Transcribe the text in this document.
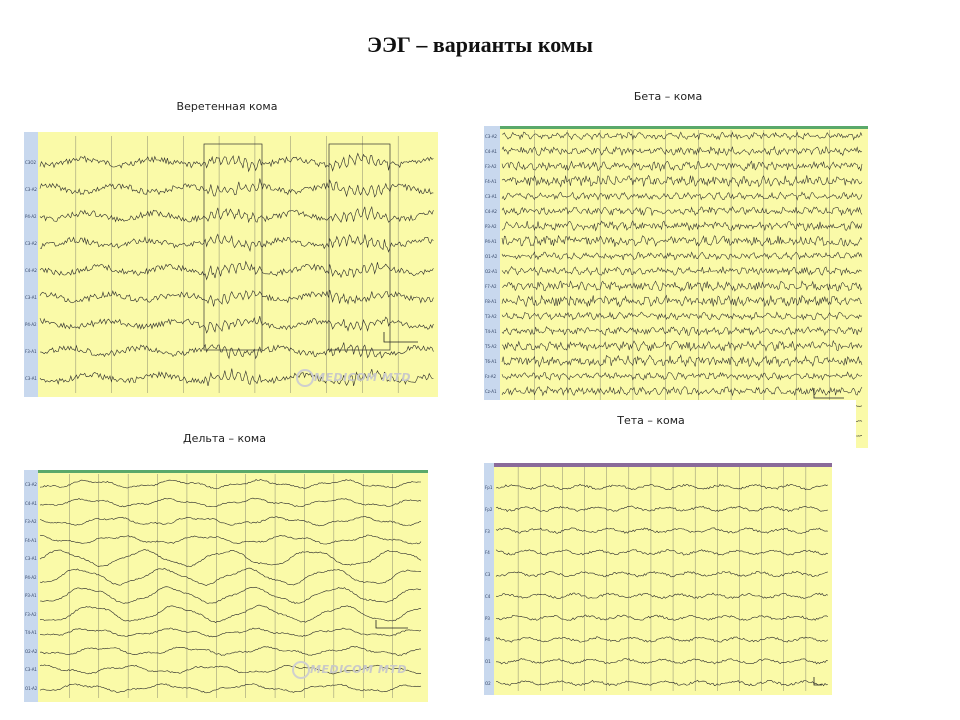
ЭЭГ – варианты комы
Веретенная кома
C3O2
C3-A2
P4-A2
C3-A2
C4-A2
C3-A1
P4-A2
F3-A1
C3-A1	MEDICOM MTD
Бета – кома
C3-A2
C4-A1
F3-A2
F4-A1
C3-A1
C4-A2
P3-A2
P4-A1
O1-A2
O2-A1
F7-A2
F8-A1
T3-A2
T4-A1
T5-A2
T6-A1
Fz-A2
Cz-A1
Дельта – кома
C3-A2
C4-A1
F3-A2
F4-A1
C3-A1
P4-A2
P3-A1
F3-A2
T4-A1
O2-A2
C3-A1
O1-A2
MEDICOM MTD
Тета – кома
Fp1
Fp2
F3
F4
C3
C4
P3
P4
O1
O2
